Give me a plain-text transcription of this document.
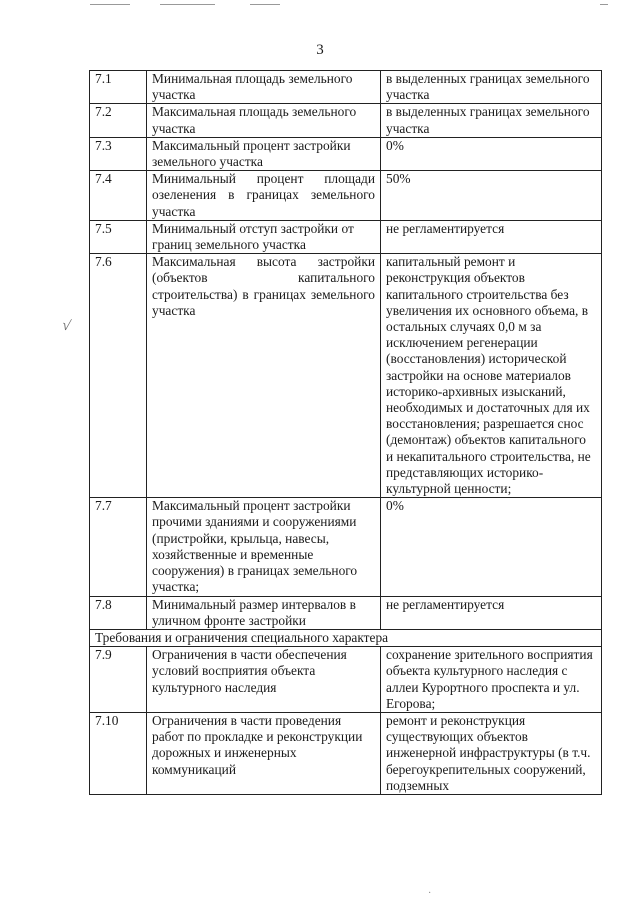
3
√
·
7.1	Минимальная площадь земельного участка	в выделенных границах земельного участка
7.2	Максимальная площадь земельного участка	в выделенных границах земельного участка
7.3	Максимальный процент застройки земельного участка	0%
7.4	Минимальный процент площади озеленения в границах земельного участка	50%
7.5	Минимальный отступ застройки от границ земельного участка	не регламентируется
7.6	Максимальная высота застройки (объектов капитального строительства) в границах земельного участка	капитальный ремонт и реконструкция объектов капитального строительства без увеличения их основного объема, в остальных случаях 0,0 м за исключением регенерации (восстановления) исторической застройки на основе материалов историко-архивных изысканий, необходимых и достаточных для их восстановления; разрешается снос (демонтаж) объектов капитального и некапитального строительства, не представляющих историко-культурной ценности;
7.7	Максимальный процент застройки прочими зданиями и сооружениями (пристройки, крыльца, навесы, хозяйственные и временные сооружения) в границах земельного участка;	0%
7.8	Минимальный размер интервалов в уличном фронте застройки	не регламентируется
Требования и ограничения специального характера		
7.9	Ограничения в части обеспечения условий восприятия объекта культурного наследия	сохранение зрительного восприятия объекта культурного наследия с аллеи Курортного проспекта и ул. Егорова;
7.10	Ограничения в части проведения работ по прокладке и реконструкции дорожных и инженерных коммуникаций	ремонт и реконструкция существующих объектов инженерной инфраструктуры (в т.ч. берегоукрепительных сооружений, подземных
